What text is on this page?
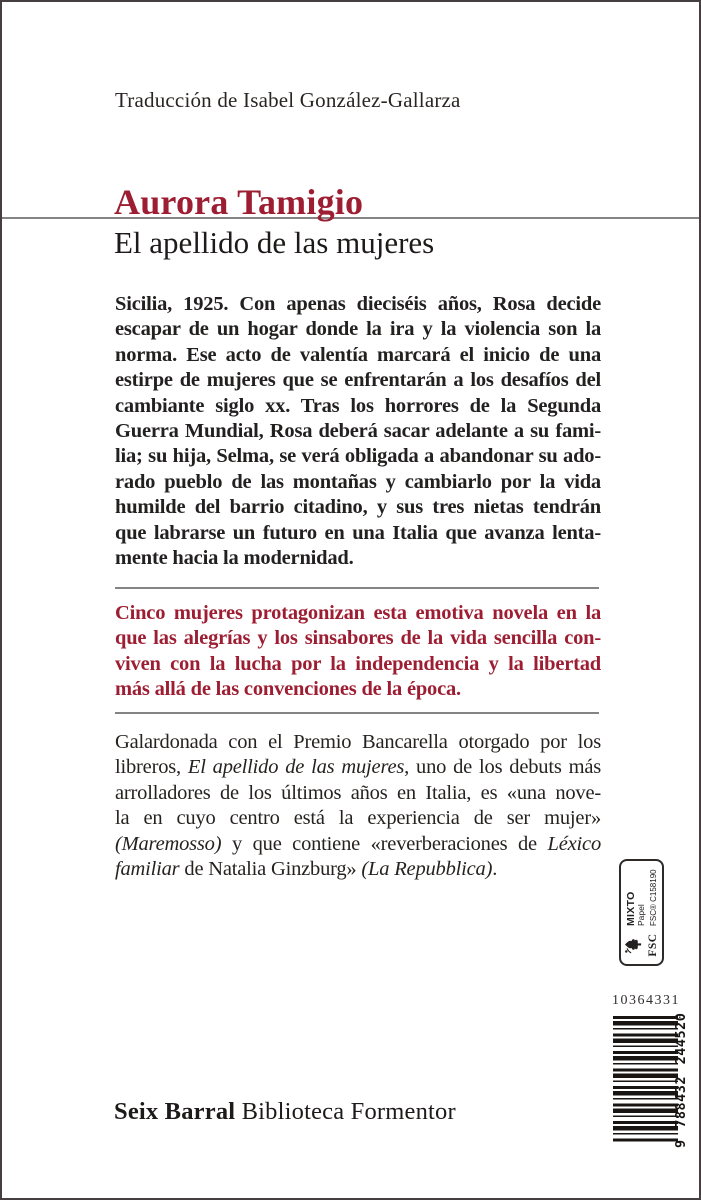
Traducción de Isabel González-Gallarza
Aurora Tamigio
El apellido de las mujeres
Sicilia, 1925. Con apenas dieciséis años, Rosa decide
escapar de un hogar donde la ira y la violencia son la
norma. Ese acto de valentía marcará el inicio de una
estirpe de mujeres que se enfrentarán a los desafíos del
cambiante siglo xx. Tras los horrores de la Segunda
Guerra Mundial, Rosa deberá sacar adelante a su fami-
lia; su hija, Selma, se verá obligada a abandonar su ado-
rado pueblo de las montañas y cambiarlo por la vida
humilde del barrio citadino, y sus tres nietas tendrán
que labrarse un futuro en una Italia que avanza lenta-
mente hacia la modernidad.
Cinco mujeres protagonizan esta emotiva novela en la
que las alegrías y los sinsabores de la vida sencilla con-
viven con la lucha por la independencia y la libertad
más allá de las convenciones de la época.
Galardonada con el Premio Bancarella otorgado por los
libreros, El apellido de las mujeres, uno de los debuts más
arrolladores de los últimos años en Italia, es «una nove-
la en cuyo centro está la experiencia de ser mujer»
(Maremosso) y que contiene «reverberaciones de Léxico
familiar de Natalia Ginzburg» (La Repubblica).
FSC
MIXTO Papel FSC® C158190
10364331
9 788432 244520
Seix Barral Biblioteca Formentor
